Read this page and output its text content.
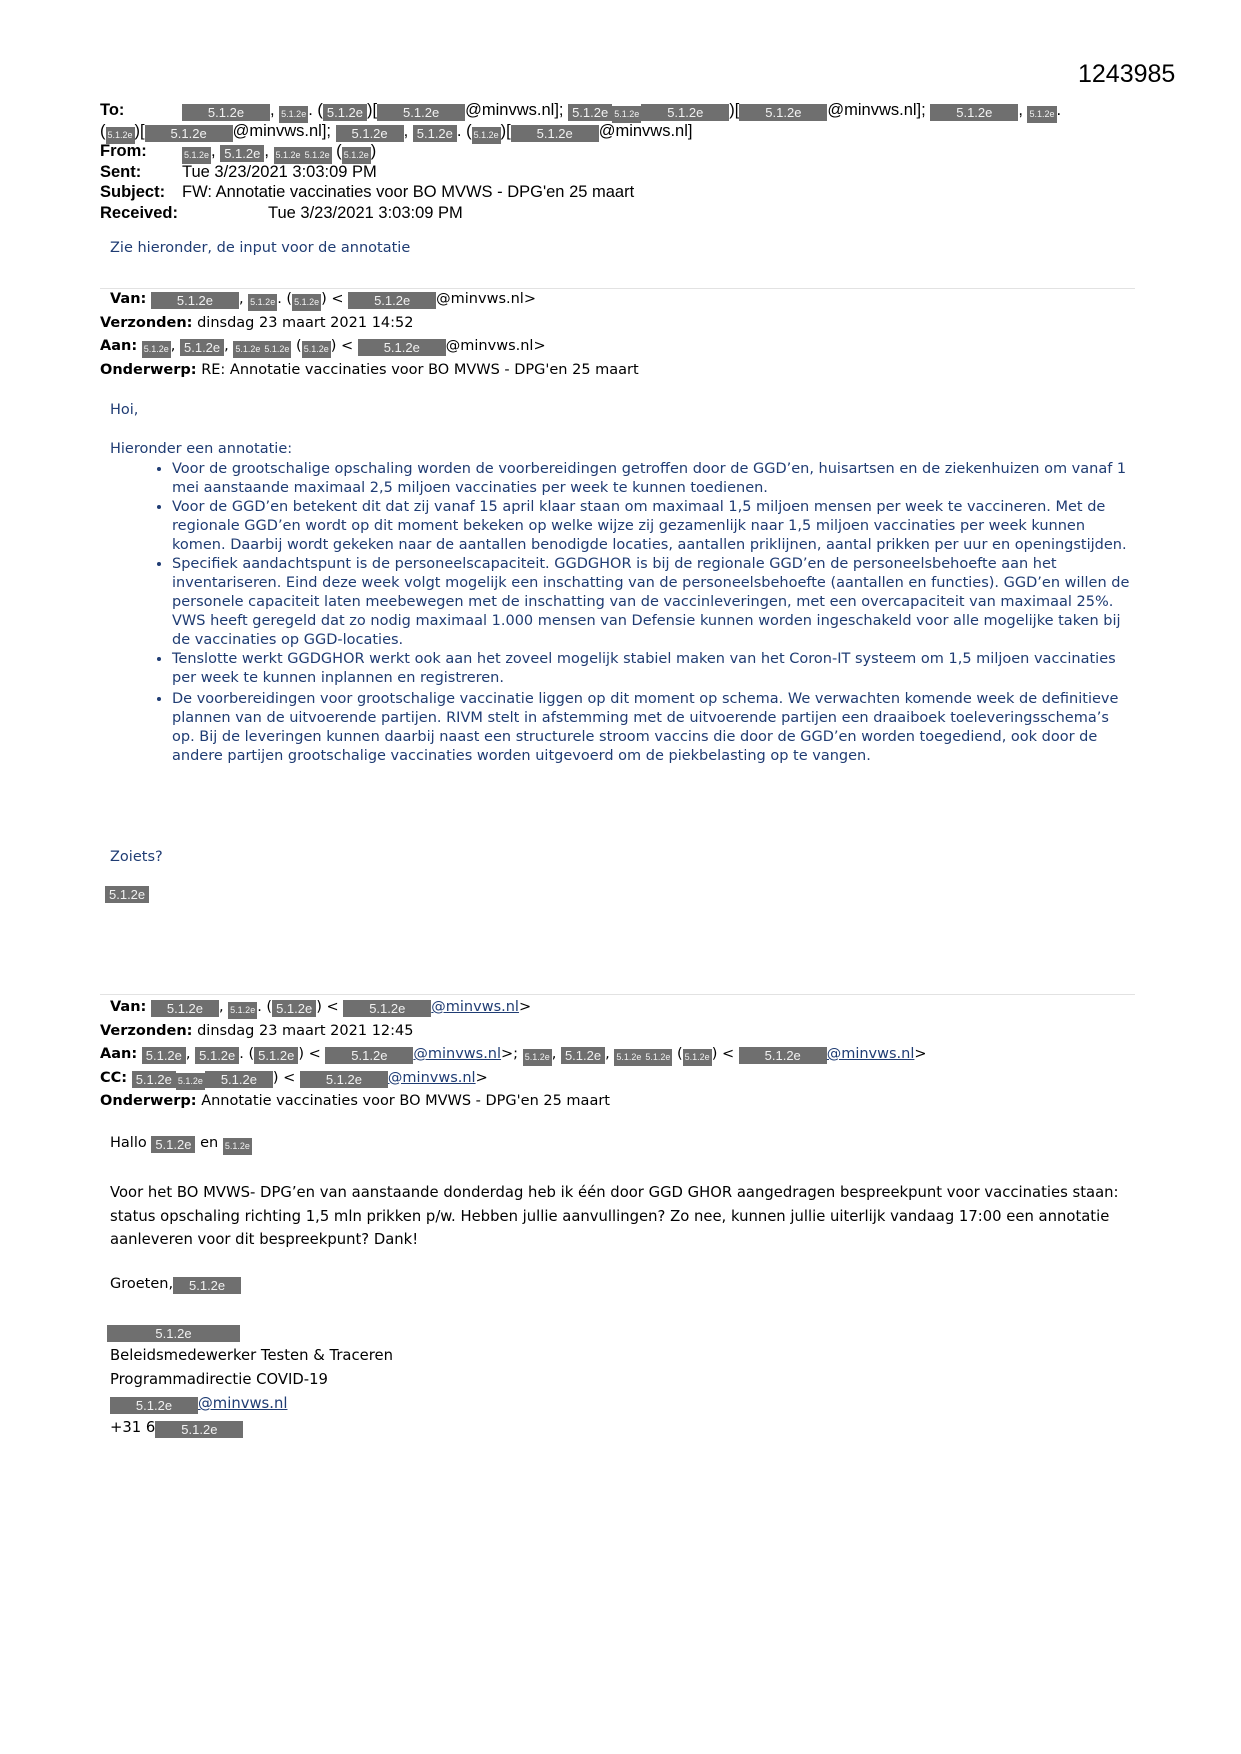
1243985
To:	5.1.2e , 5.1.2e . ( 5.1.2e )[ 5.1.2e @minvws.nl]; 5.1.2e 5.1.2e 5.1.2e )[ 5.1.2e @minvws.nl]; 5.1.2e , 5.1.2e .
( 5.1.2e )[ 5.1.2e @minvws.nl]; 5.1.2e , 5.1.2e . ( 5.1.2e )[ 5.1.2e @minvws.nl]
From:	5.1.2e , 5.1.2e , 5.1.2e 5.1.2e ( 5.1.2e )
Sent: Tue 3/23/2021 3:03:09 PM
Subject: FW: Annotatie vaccinaties voor BO MVWS - DPG'en 25 maart
Received:	Tue 3/23/2021 3:03:09 PM
Zie hieronder, de input voor de annotatie
Van: 5.1.2e , 5.1.2e . ( 5.1.2e ) < 5.1.2e @minvws.nl>
Verzonden: dinsdag 23 maart 2021 14:52
Aan: 5.1.2e , 5.1.2e , 5.1.2e 5.1.2e ( 5.1.2e ) < 5.1.2e @minvws.nl>
Onderwerp: RE: Annotatie vaccinaties voor BO MVWS - DPG'en 25 maart
Hoi,
Hieronder een annotatie:
• Voor de grootschalige opschaling worden de voorbereidingen getroffen door de GGD’en, huisartsen en de ziekenhuizen om vanaf 1 mei aanstaande maximaal 2,5 miljoen vaccinaties per week te kunnen toedienen.
• Voor de GGD’en betekent dit dat zij vanaf 15 april klaar staan om maximaal 1,5 miljoen mensen per week te vaccineren. Met de regionale GGD’en wordt op dit moment bekeken op welke wijze zij gezamenlijk naar 1,5 miljoen vaccinaties per week kunnen komen. Daarbij wordt gekeken naar de aantallen benodigde locaties, aantallen priklijnen, aantal prikken per uur en openingstijden.
• Specifiek aandachtspunt is de personeelscapaciteit. GGDGHOR is bij de regionale GGD’en de personeelsbehoefte aan het inventariseren. Eind deze week volgt mogelijk een inschatting van de personeelsbehoefte (aantallen en functies). GGD’en willen de personele capaciteit laten meebewegen met de inschatting van de vaccinleveringen, met een overcapaciteit van maximaal 25%. VWS heeft geregeld dat zo nodig maximaal 1.000 mensen van Defensie kunnen worden ingeschakeld voor alle mogelijke taken bij de vaccinaties op GGD-locaties.
• Tenslotte werkt GGDGHOR werkt ook aan het zoveel mogelijk stabiel maken van het Coron-IT systeem om 1,5 miljoen vaccinaties per week te kunnen inplannen en registreren.
• De voorbereidingen voor grootschalige vaccinatie liggen op dit moment op schema. We verwachten komende week de definitieve plannen van de uitvoerende partijen. RIVM stelt in afstemming met de uitvoerende partijen een draaiboek toeleveringsschema’s op. Bij de leveringen kunnen daarbij naast een structurele stroom vaccins die door de GGD’en worden toegediend, ook door de andere partijen grootschalige vaccinaties worden uitgevoerd om de piekbelasting op te vangen.
Zoiets?
5.1.2e
Van: 5.1.2e , 5.1.2e . ( 5.1.2e ) < 5.1.2e @minvws.nl>
Verzonden: dinsdag 23 maart 2021 12:45
Aan: 5.1.2e , 5.1.2e . ( 5.1.2e ) < 5.1.2e @minvws.nl>; 5.1.2e , 5.1.2e , 5.1.2e 5.1.2e ( 5.1.2e ) < 5.1.2e @minvws.nl>
CC: 5.1.2e 5.1.2e 5.1.2e ) < 5.1.2e @minvws.nl>
Onderwerp: Annotatie vaccinaties voor BO MVWS - DPG'en 25 maart
Hallo 5.1.2e en 5.1.2e
Voor het BO MVWS- DPG’en van aanstaande donderdag heb ik één door GGD GHOR aangedragen bespreekpunt voor vaccinaties staan: status opschaling richting 1,5 mln prikken p/w. Hebben jullie aanvullingen? Zo nee, kunnen jullie uiterlijk vandaag 17:00 een annotatie aanleveren voor dit bespreekpunt? Dank!
Groeten, 5.1.2e
5.1.2e
Beleidsmedewerker Testen & Traceren
Programmadirectie COVID-19
5.1.2e @minvws.nl
+31 6 5.1.2e
